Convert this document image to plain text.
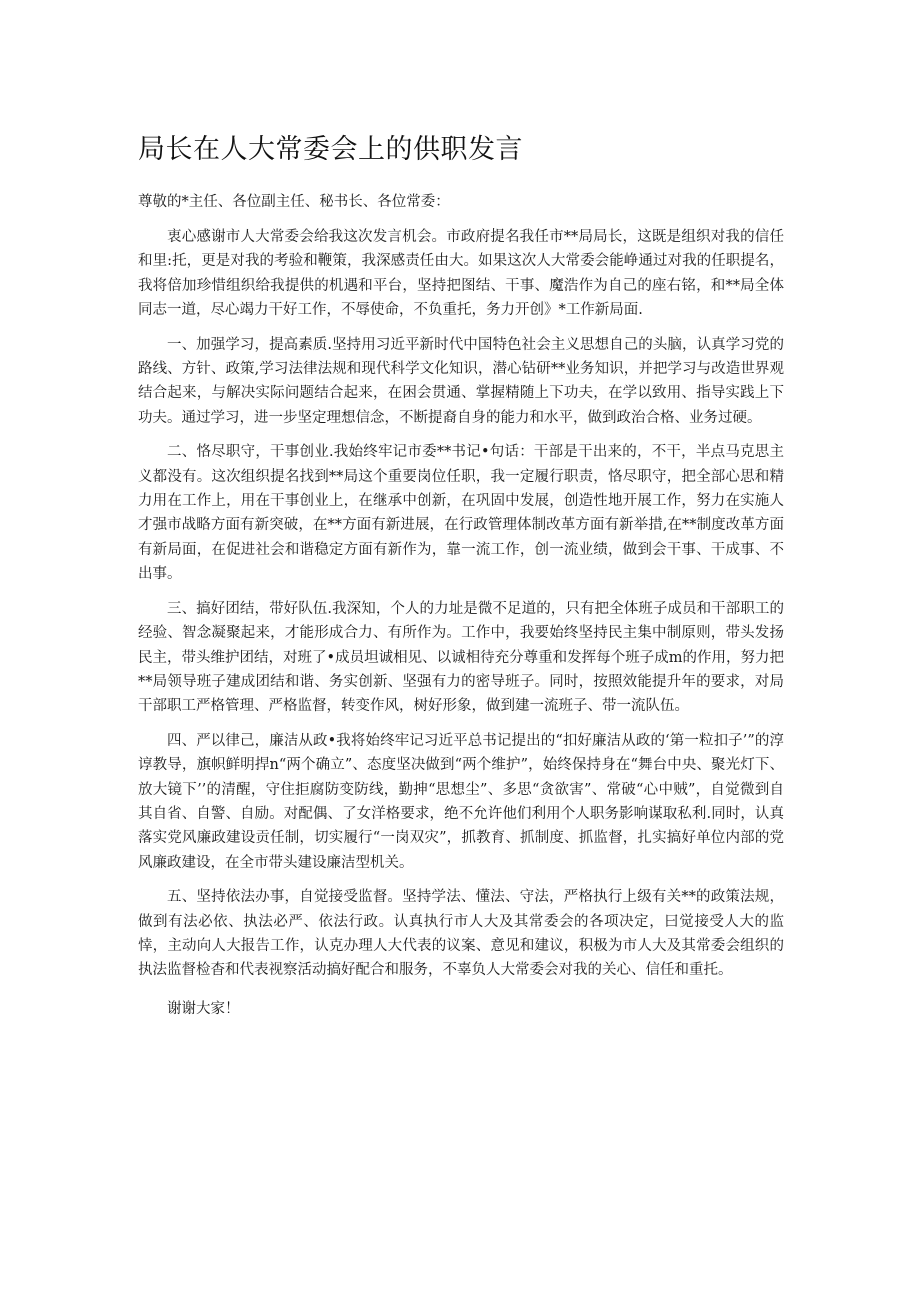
局长在人大常委会上的供职发言

尊敬的*主任、各位副主任、秘书长、各位常委：

衷心感谢市人大常委会给我这次发言机会。市政府提名我任市**局局长，这既是组织对我的信任和里:托，更是对我的考验和鞭策，我深感责任由大。如果这次人大常委会能峥通过对我的任职提名，我将倍加珍惜组织给我提供的机遇和平台，坚持把图结、干事、魔浩作为自己的座右铭，和**局全体同志一道，尽心竭力干好工作，不辱使命，不负重托，务力开创》*工作新局面.

一、加强学习，提高素质.坚持用习近平新时代中国特色社会主义思想自己的头脑，认真学习党的路线、方针、政策,学习法律法规和现代科学文化知识，潜心钻研**业务知识，并把学习与改造世界观结合起来，与解决实际问题结合起来，在困会贯通、掌握精随上下功夫，在学以致用、指导实践上下功夫。通过学习，进一步坚定理想信念，不断提裔自身的能力和水平，做到政治合格、业务过硬。

二、恪尽职守，干事创业.我始终牢记市委**书记•句话：干部是干出来的，不干，半点马克思主义都没有。这次组织提名找到**局这个重要岗位任职，我一定履行职责，恪尽职守，把全部心思和精力用在工作上，用在干事创业上，在继承中创新，在巩固中发展，创造性地开展工作，努力在实施人才强市战略方面有新突破，在**方面有新进展，在行政管理体制改革方面有新举措,在**制度改革方面有新局面，在促进社会和谐稳定方面有新作为，靠一流工作，创一流业绩，做到会干事、干成事、不出事。

三、搞好团结，带好队伍.我深知，个人的力址是微不足道的，只有把全体班子成员和干部职工的经验、智念凝聚起来，才能形成合力、有所作为。工作中，我要始终坚持民主集中制原则，带头发扬民主，带头维护团结，对班了•成员坦诚相见、以诚相待充分尊重和发挥每个班子成m的作用，努力把**局领导班子建成团结和谐、务实创新、坚强有力的密导班子。同时，按照效能提升年的要求，对局干部职工严格管理、严格监督，转变作风，树好形象，做到建一流班子、带一流队伍。

四、严以律己，廉洁从政•我将始终牢记习近平总书记提出的“扣好廉洁从政的‘第一粒扣子’”的淳谆教导，旗帜鲜明捍n“两个确立”、态度坚决做到“两个维护”，始终保持身在“舞台中央、聚光灯下、放大镜下’’的清醒，守住拒腐防变防线，勤抻“思想尘”、多思“贪欲害”、常破“心中贼”，自觉微到自其自省、自警、自励。对配偶、了女洋格要求，绝不允许他们利用个人职务影响谋取私利.同时，认真落实党风廉政建设贡任制，切实履行“一岗双灾”，抓教育、抓制度、抓监督，扎实搞好单位内部的党风廉政建设，在全市带头建设廉洁型机关。

五、坚持依法办事，自觉接受监督。坚持学法、懂法、守法，严格执行上级有关**的政策法规，做到有法必依、执法必严、依法行政。认真执行市人大及其常委会的各项决定，曰觉接受人大的监悻，主动向人大报告工作，认克办理人大代表的议案、意见和建议，积极为市人大及其常委会组织的执法监督检杳和代表视察活动搞好配合和服务，不辜负人大常委会对我的关心、信任和重托。

谢谢大家！
